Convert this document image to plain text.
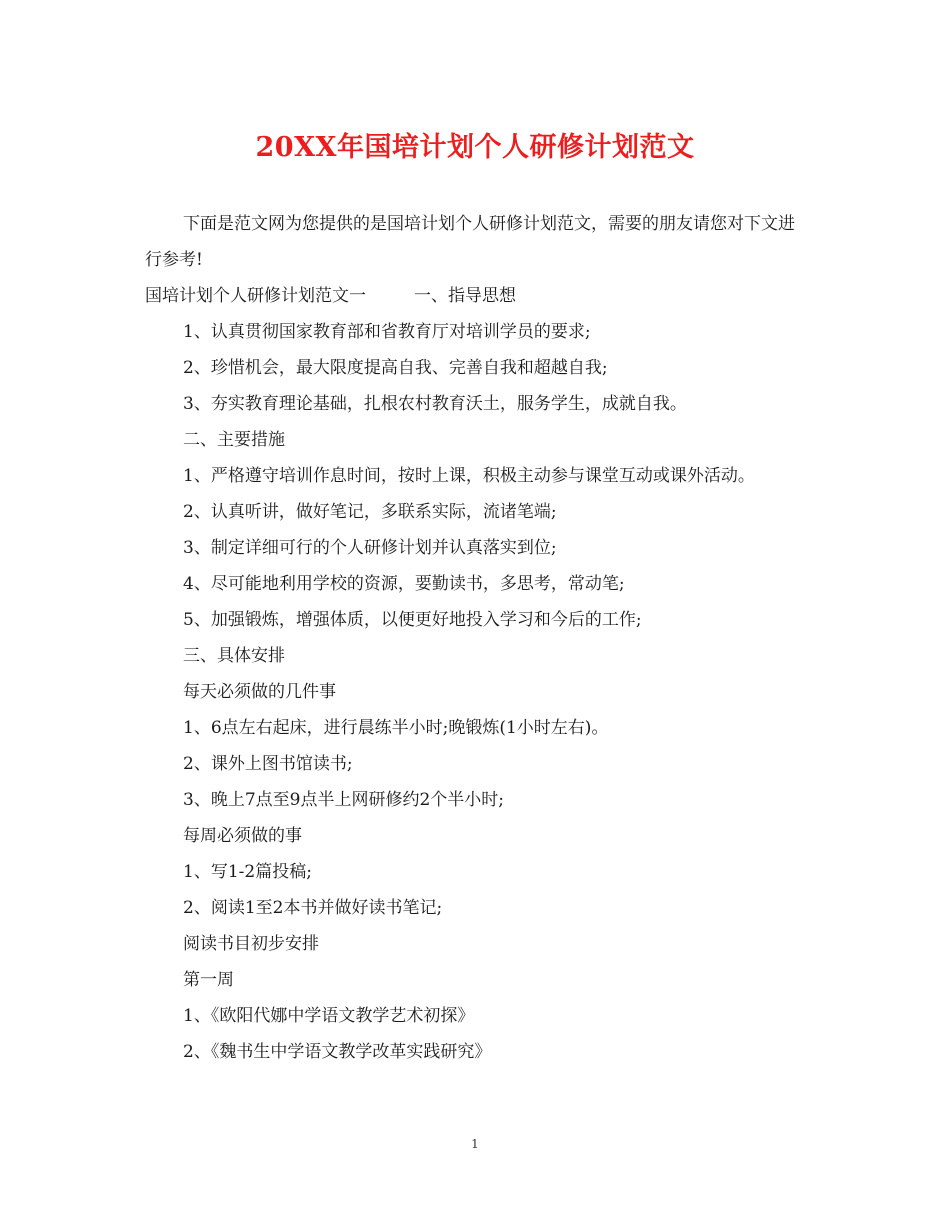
20XX年国培计划个人研修计划范文

下面是范文网为您提供的是国培计划个人研修计划范文，需要的朋友请您对下文进行参考!

国培计划个人研修计划范文一	一、指导思想

1、认真贯彻国家教育部和省教育厅对培训学员的要求;

2、珍惜机会，最大限度提高自我、完善自我和超越自我;

3、夯实教育理论基础，扎根农村教育沃土，服务学生，成就自我。

二、主要措施

1、严格遵守培训作息时间，按时上课，积极主动参与课堂互动或课外活动。

2、认真听讲，做好笔记，多联系实际，流诸笔端;

3、制定详细可行的个人研修计划并认真落实到位;

4、尽可能地利用学校的资源，要勤读书，多思考，常动笔;

5、加强锻炼，增强体质，以便更好地投入学习和今后的工作;

三、具体安排

每天必须做的几件事

1、6点左右起床，进行晨练半小时;晚锻炼(1小时左右)。

2、课外上图书馆读书;

3、晚上7点至9点半上网研修约2个半小时;

每周必须做的事

1、写1-2篇投稿;

2、阅读1至2本书并做好读书笔记;

阅读书目初步安排

第一周

1、《欧阳代娜中学语文教学艺术初探》

2、《魏书生中学语文教学改革实践研究》

1
